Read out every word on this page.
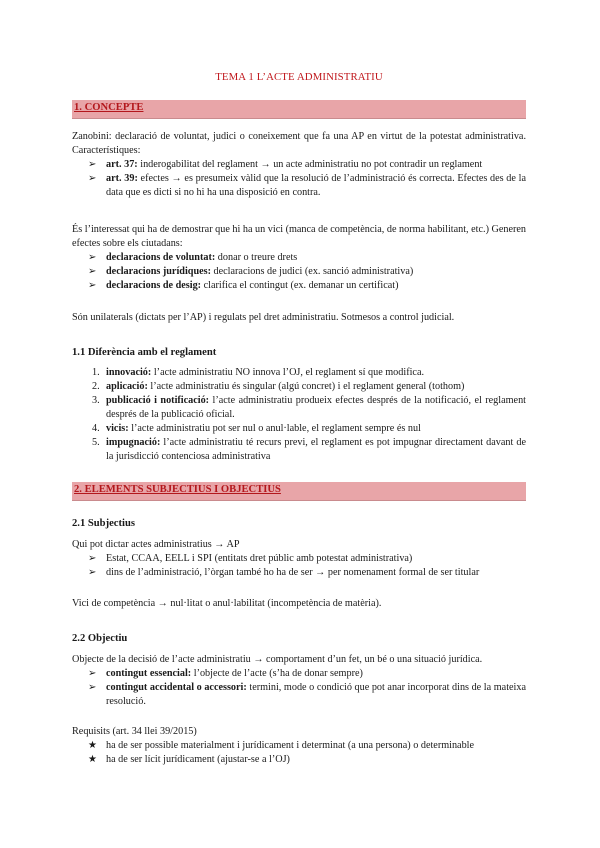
TEMA 1 L’ACTE ADMINISTRATIU
1. CONCEPTE

Zanobini: declaració de voluntat, judici o coneixement que fa una AP en virtut de la potestat administrativa. Característiques:

➢ art. 37: inderogabilitat del reglament → un acte administratiu no pot contradir un reglament
➢ art. 39: efectes → es presumeix vàlid que la resolució de l’administració és correcta. Efectes des de la data que es dicti si no hi ha una disposició en contra.

És l’interessat qui ha de demostrar que hi ha un vici (manca de competència, de norma habilitant, etc.) Generen efectes sobre els ciutadans:

➢ declaracions de voluntat: donar o treure drets
➢ declaracions jurídiques: declaracions de judici (ex. sanció administrativa)
➢ declaracions de desig: clarifica el contingut (ex. demanar un certificat)
Són unilaterals (dictats per l’AP) i regulats pel dret administratiu. Sotmesos a control judicial.
1.1 Diferència amb el reglament
1. innovació: l’acte administratiu NO innova l’OJ, el reglament sí que modifica.
2. aplicació: l’acte administratiu és singular (algú concret) i el reglament general (tothom)
3. publicació i notificació: l’acte administratiu produeix efectes després de la notificació, el reglament després de la publicació oficial.
4. vicis: l’acte administratiu pot ser nul o anul·lable, el reglament sempre és nul
5. impugnació: l’acte administratiu té recurs previ, el reglament es pot impugnar directament davant de la jurisdicció contenciosa administrativa
2. ELEMENTS SUBJECTIUS I OBJECTIUS
2.1 Subjectius

Qui pot dictar actes administratius → AP

➢ Estat, CCAA, EELL i SPI (entitats dret públic amb potestat administrativa)
➢ dins de l’administració, l’òrgan també ho ha de ser → per nomenament formal de ser titular
Vici de competència → nul·litat o anul·labilitat (incompetència de matèria).
2.2 Objectiu

Objecte de la decisió de l’acte administratiu → comportament d’un fet, un bé o una situació jurídica.

➢ contingut essencial: l’objecte de l’acte (s’ha de donar sempre)
➢ contingut accidental o accessori: termini, mode o condició que pot anar incorporat dins de la mateixa resolució.

Requisits (art. 34 llei 39/2015)

★ ha de ser possible materialment i jurídicament i determinat (a una persona) o determinable
★ ha de ser lícit jurídicament (ajustar-se a l’OJ)
